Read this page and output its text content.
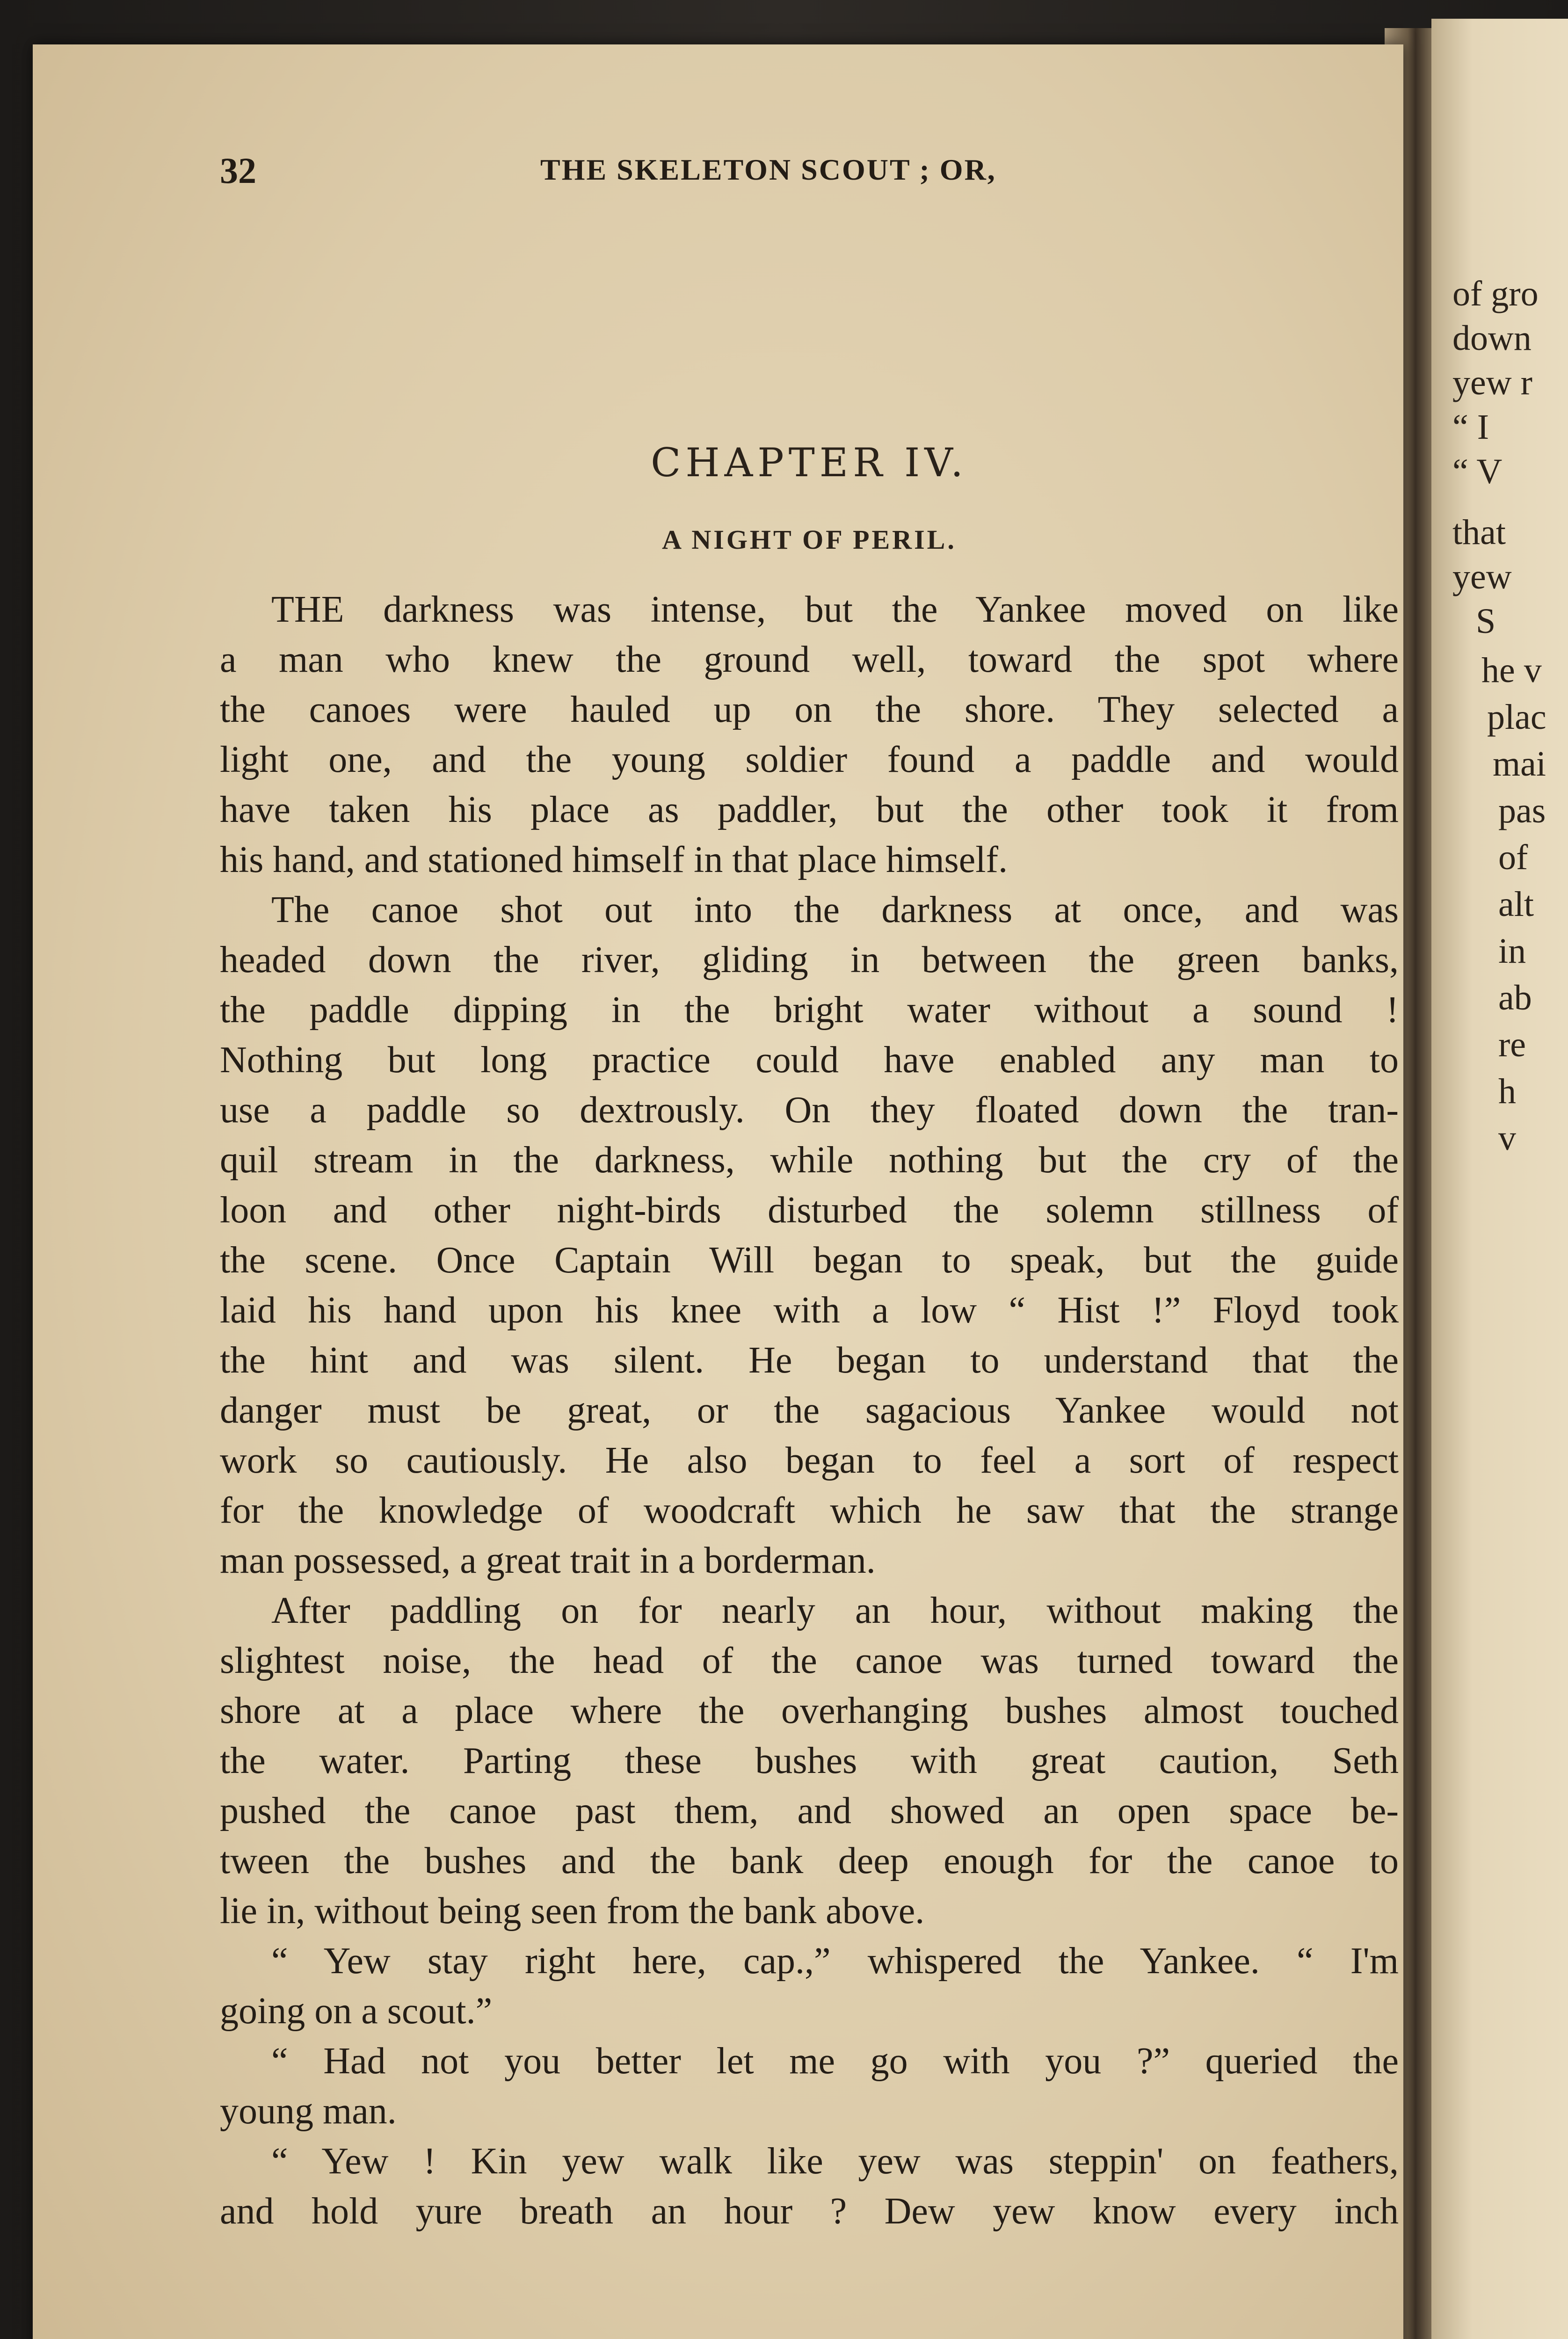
of gro
down
yew r
“ I
“ V
that
yew
S
he v
plac
mai
pas
of
alt
in
ab
re
h
v
32	THE SKELETON SCOUT ; OR,
CHAPTER IV.
A NIGHT OF PERIL.
THE darkness was intense, but the Yankee moved on like
a man who knew the ground well, toward the spot where
the canoes were hauled up on the shore. They selected a
light one, and the young soldier found a paddle and would
have taken his place as paddler, but the other took it from
his hand, and stationed himself in that place himself.
The canoe shot out into the darkness at once, and was
headed down the river, gliding in between the green banks,
the paddle dipping in the bright water without a sound !
Nothing but long practice could have enabled any man to
use a paddle so dextrously. On they floated down the tran-
quil stream in the darkness, while nothing but the cry of the
loon and other night-birds disturbed the solemn stillness of
the scene. Once Captain Will began to speak, but the guide
laid his hand upon his knee with a low “ Hist !” Floyd took
the hint and was silent. He began to understand that the
danger must be great, or the sagacious Yankee would not
work so cautiously. He also began to feel a sort of respect
for the knowledge of woodcraft which he saw that the strange
man possessed, a great trait in a borderman.
After paddling on for nearly an hour, without making the
slightest noise, the head of the canoe was turned toward the
shore at a place where the overhanging bushes almost touched
the water. Parting these bushes with great caution, Seth
pushed the canoe past them, and showed an open space be-
tween the bushes and the bank deep enough for the canoe to
lie in, without being seen from the bank above.
“ Yew stay right here, cap.,” whispered the Yankee. “ I'm
going on a scout.”
“ Had not you better let me go with you ?” queried the
young man.
“ Yew ! Kin yew walk like yew was steppin' on feathers,
and hold yure breath an hour ? Dew yew know every inch
